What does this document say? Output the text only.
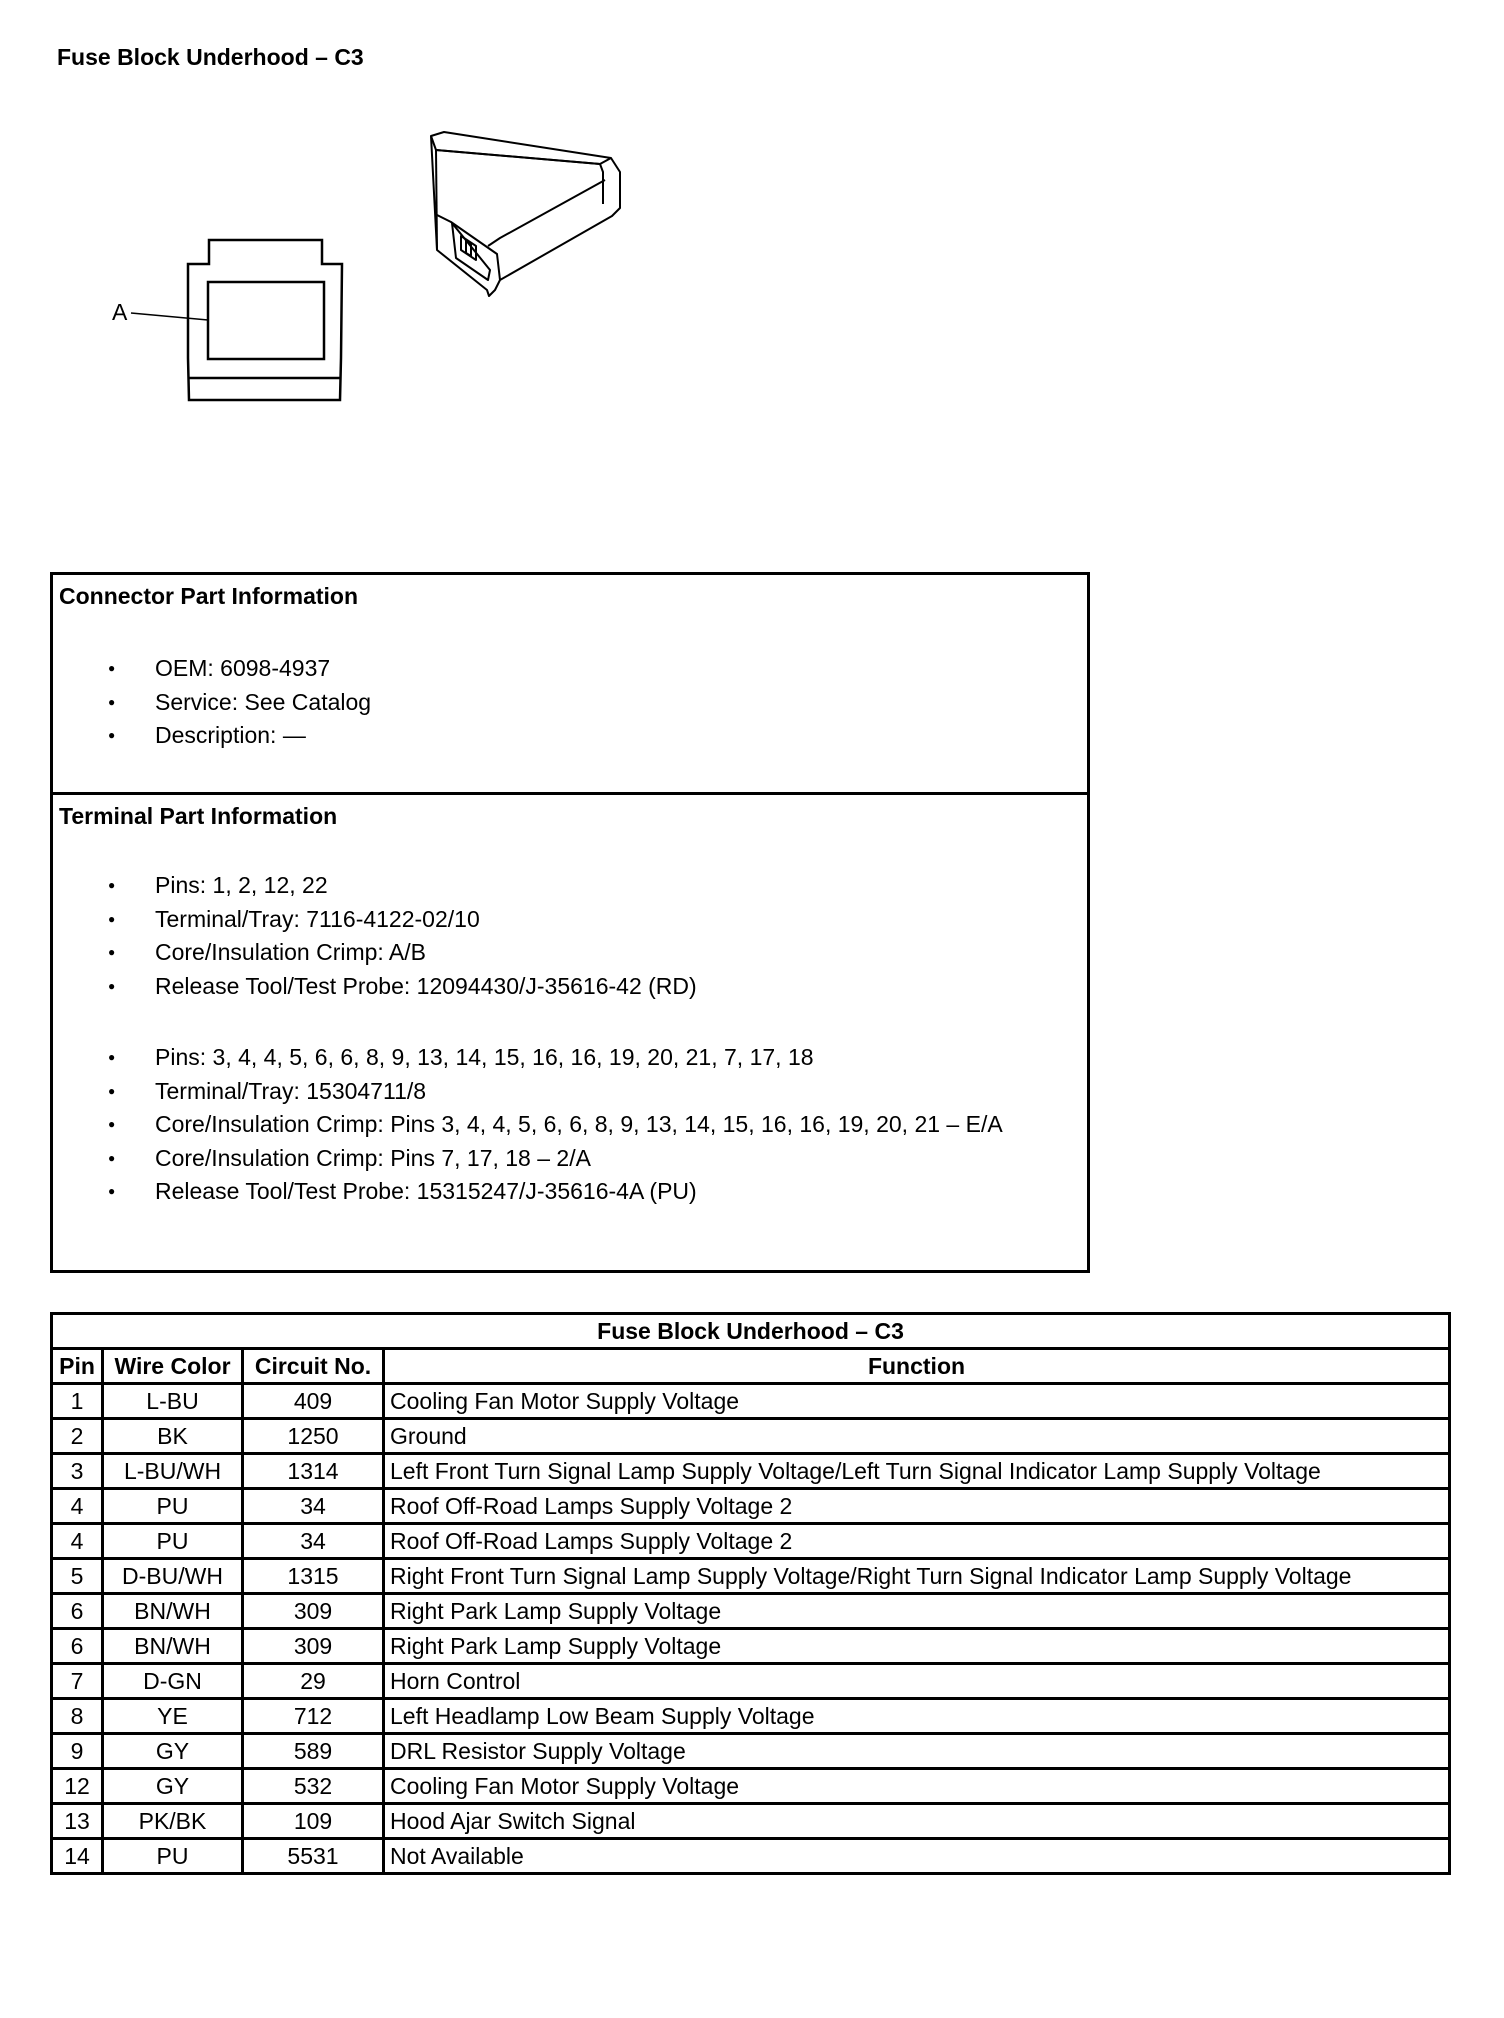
Fuse Block Underhood – C3
A
Connector Part Information
● OEM: 6098-4937
● Service: See Catalog
● Description: —
Terminal Part Information
● Pins: 1, 2, 12, 22
● Terminal/Tray: 7116-4122-02/10
● Core/Insulation Crimp: A/B
● Release Tool/Test Probe: 12094430/J-35616-42 (RD)
● Pins: 3, 4, 4, 5, 6, 6, 8, 9, 13, 14, 15, 16, 16, 19, 20, 21, 7, 17, 18
● Terminal/Tray: 15304711/8
● Core/Insulation Crimp: Pins 3, 4, 4, 5, 6, 6, 8, 9, 13, 14, 15, 16, 16, 19, 20, 21 – E/A
● Core/Insulation Crimp: Pins 7, 17, 18 – 2/A
● Release Tool/Test Probe: 15315247/J-35616-4A (PU)
Fuse Block Underhood – C3			
Pin	Wire Color	Circuit No.	Function
1	L-BU	409	Cooling Fan Motor Supply Voltage
2	BK	1250	Ground
3	L-BU/WH	1314	Left Front Turn Signal Lamp Supply Voltage/Left Turn Signal Indicator Lamp Supply Voltage
4	PU	34	Roof Off-Road Lamps Supply Voltage 2
4	PU	34	Roof Off-Road Lamps Supply Voltage 2
5	D-BU/WH	1315	Right Front Turn Signal Lamp Supply Voltage/Right Turn Signal Indicator Lamp Supply Voltage
6	BN/WH	309	Right Park Lamp Supply Voltage
6	BN/WH	309	Right Park Lamp Supply Voltage
7	D-GN	29	Horn Control
8	YE	712	Left Headlamp Low Beam Supply Voltage
9	GY	589	DRL Resistor Supply Voltage
12	GY	532	Cooling Fan Motor Supply Voltage
13	PK/BK	109	Hood Ajar Switch Signal
14	PU	5531	Not Available
